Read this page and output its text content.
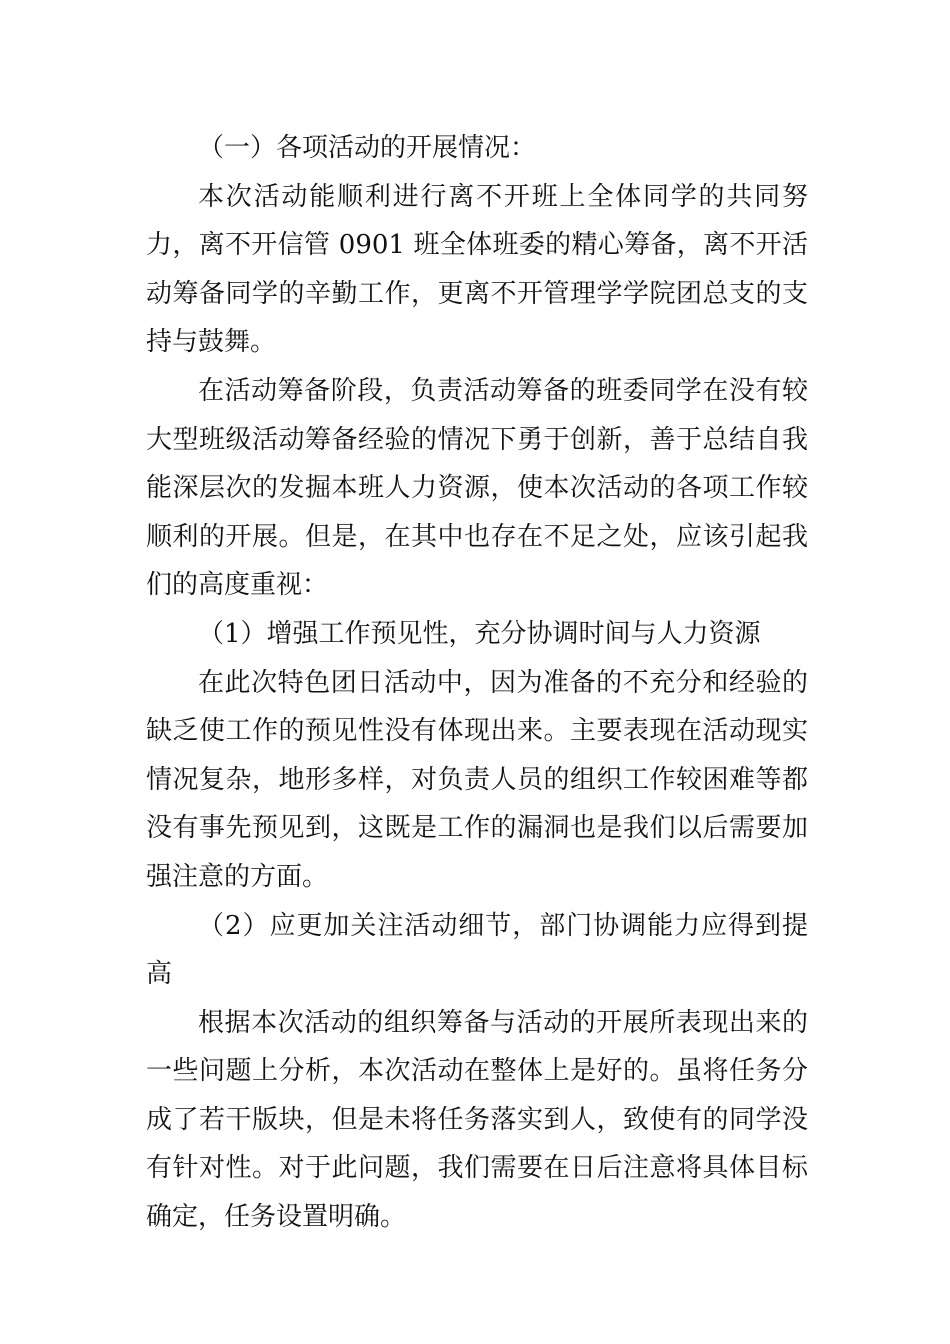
（一）各项活动的开展情况：

本次活动能顺利进行离不开班上全体同学的共同努力，离不开信管 0901 班全体班委的精心筹备，离不开活动筹备同学的辛勤工作，更离不开管理学学院团总支的支持与鼓舞。

在活动筹备阶段，负责活动筹备的班委同学在没有较大型班级活动筹备经验的情况下勇于创新，善于总结自我能深层次的发掘本班人力资源，使本次活动的各项工作较顺利的开展。但是，在其中也存在不足之处，应该引起我们的高度重视：

（1）增强工作预见性，充分协调时间与人力资源

在此次特色团日活动中，因为准备的不充分和经验的缺乏使工作的预见性没有体现出来。主要表现在活动现实情况复杂，地形多样，对负责人员的组织工作较困难等都没有事先预见到，这既是工作的漏洞也是我们以后需要加强注意的方面。

（2）应更加关注活动细节，部门协调能力应得到提高

根据本次活动的组织筹备与活动的开展所表现出来的一些问题上分析，本次活动在整体上是好的。虽将任务分成了若干版块，但是未将任务落实到人，致使有的同学没有针对性。对于此问题，我们需要在日后注意将具体目标确定，任务设置明确。
